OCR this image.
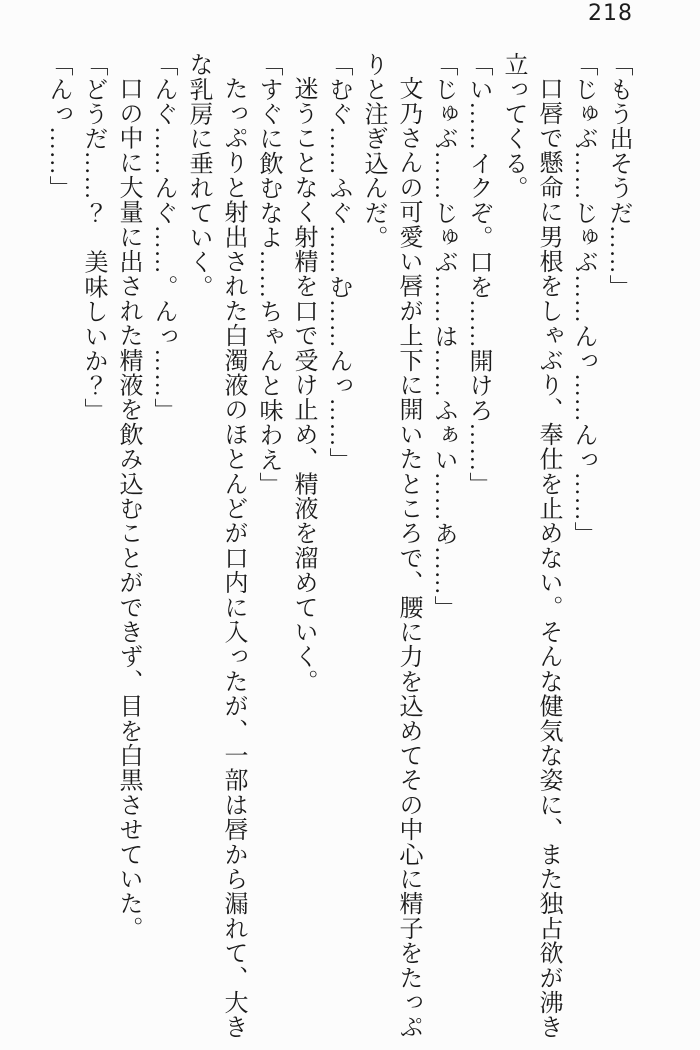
218

「もう出そうだ……」

「じゅぶ……じゅぶ……んっ……んっ……」

口唇で懸命に男根をしゃぶり、奉仕を止めない。そんな健気な姿に、また独占欲が沸き立ってくる。

「い……イクぞ。口を……開けろ……」

「じゅぶ……じゅぶ……は……ふぁい……あ……」

文乃さんの可愛い唇が上下に開いたところで、腰に力を込めてその中心に精子をたっぷりと注ぎ込んだ。

「むぐ……ふぐ……む……んっ……」

迷うことなく射精を口で受け止め、精液を溜めていく。

「すぐに飲むなよ……ちゃんと味わえ」

たっぷりと射出された白濁液のほとんどが口内に入ったが、一部は唇から漏れて、大きな乳房に垂れていく。

「んぐ……んぐ……。んっ……」

口の中に大量に出された精液を飲み込むことができず、目を白黒させていた。

「どうだ……？　美味しいか？」

「んっ……」
